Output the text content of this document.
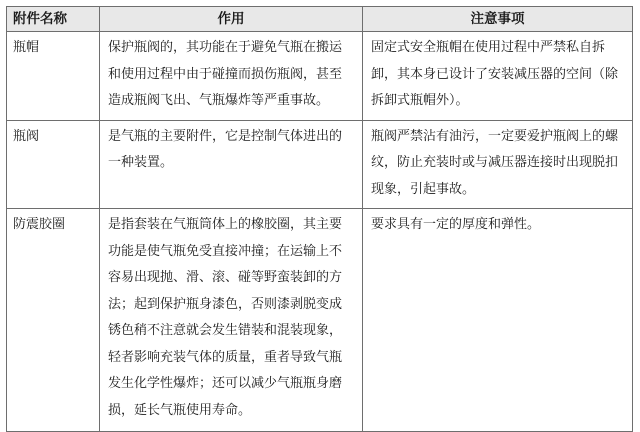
附件名称	作用	注意事项
瓶帽	保护瓶阀的，其功能在于避免气瓶在搬运和使用过程中由于碰撞而损伤瓶阀，甚至造成瓶阀飞出、气瓶爆炸等严重事故。	固定式安全瓶帽在使用过程中严禁私自拆卸，其本身已设计了安装减压器的空间（除拆卸式瓶帽外）。
瓶阀	是气瓶的主要附件，它是控制气体进出的一种装置。	瓶阀严禁沾有油污，一定要爱护瓶阀上的螺纹，防止充装时或与减压器连接时出现脱扣现象，引起事故。
防震胶圈	是指套装在气瓶筒体上的橡胶圈，其主要功能是使气瓶免受直接冲撞；在运输上不容易出现抛、滑、滚、碰等野蛮装卸的方法；起到保护瓶身漆色，否则漆剥脱变成锈色稍不注意就会发生错装和混装现象，轻者影响充装气体的质量，重者导致气瓶发生化学性爆炸；还可以减少气瓶瓶身磨损，延长气瓶使用寿命。	要求具有一定的厚度和弹性。
